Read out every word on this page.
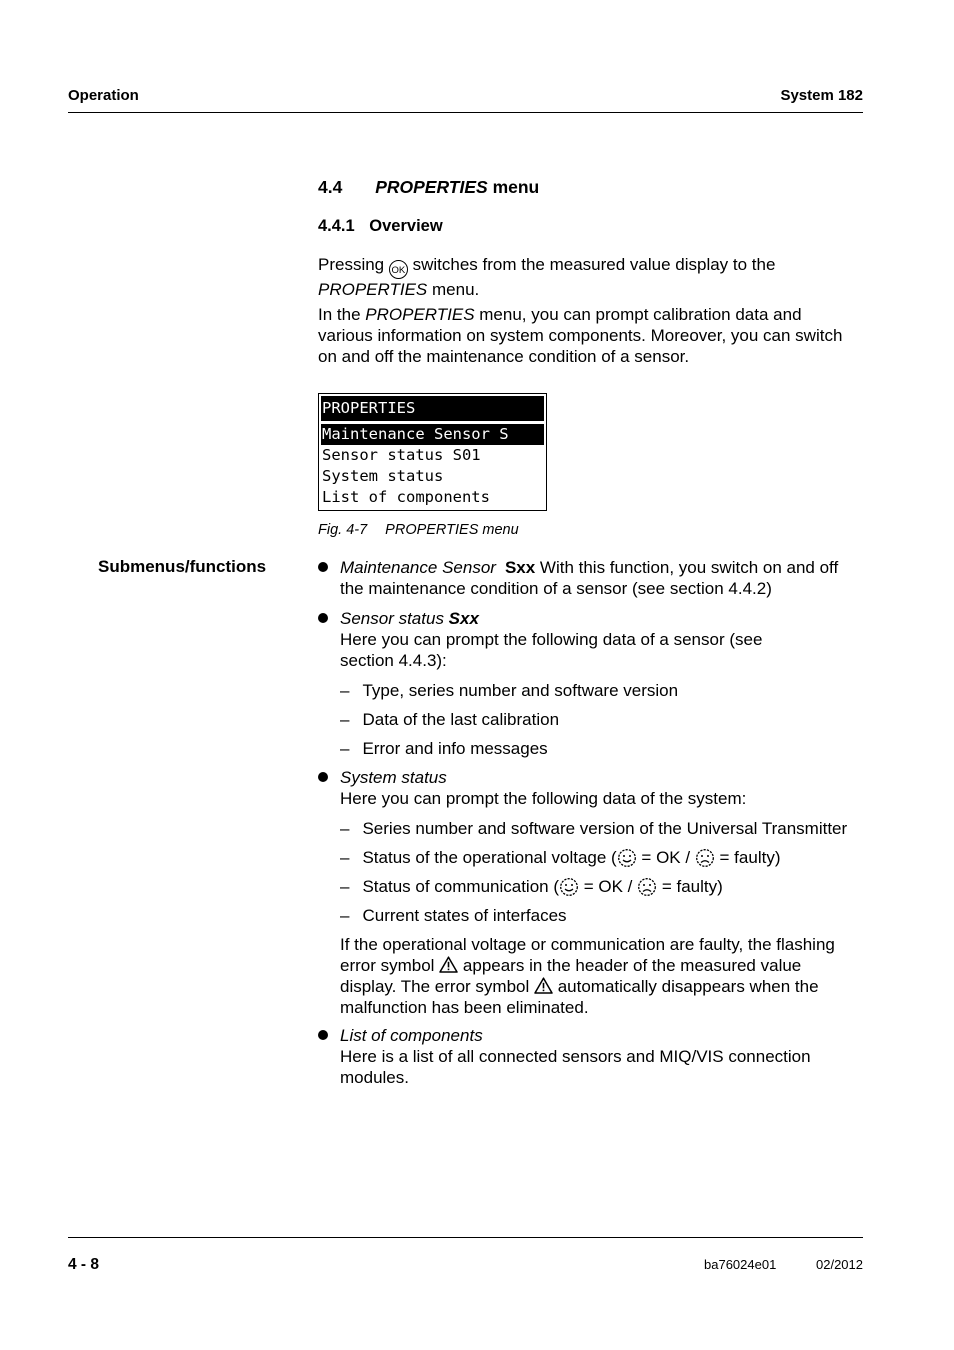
Operation	System 182
4.4 PROPERTIES menu
4.4.1 Overview
Pressing OK switches from the measured value display to the
PROPERTIES menu.
In the PROPERTIES menu, you can prompt calibration data and
various information on system components. Moreover, you can switch
on and off the maintenance condition of a sensor.
PROPERTIES
Maintenance Sensor S
Sensor status S01
System status
List of components
Fig. 4-7 PROPERTIES menu
Submenus/functions	Maintenance Sensor Sxx With this function, you switch on and off
the maintenance condition of a sensor (see section 4.4.2)
Sensor status Sxx
Here you can prompt the following data of a sensor (see
section 4.4.3):
– Type, series number and software version
– Data of the last calibration
– Error and info messages
System status
Here you can prompt the following data of the system:
– Series number and software version of the Universal Transmitter
– Status of the operational voltage ( = OK /  = faulty)
– Status of communication ( = OK /  = faulty)
– Current states of interfaces
If the operational voltage or communication are faulty, the flashing
error symbol  appears in the header of the measured value
display. The error symbol  automatically disappears when the
malfunction has been eliminated.
List of components
Here is a list of all connected sensors and MIQ/VIS connection
modules.
4 - 8	ba76024e01	02/2012
